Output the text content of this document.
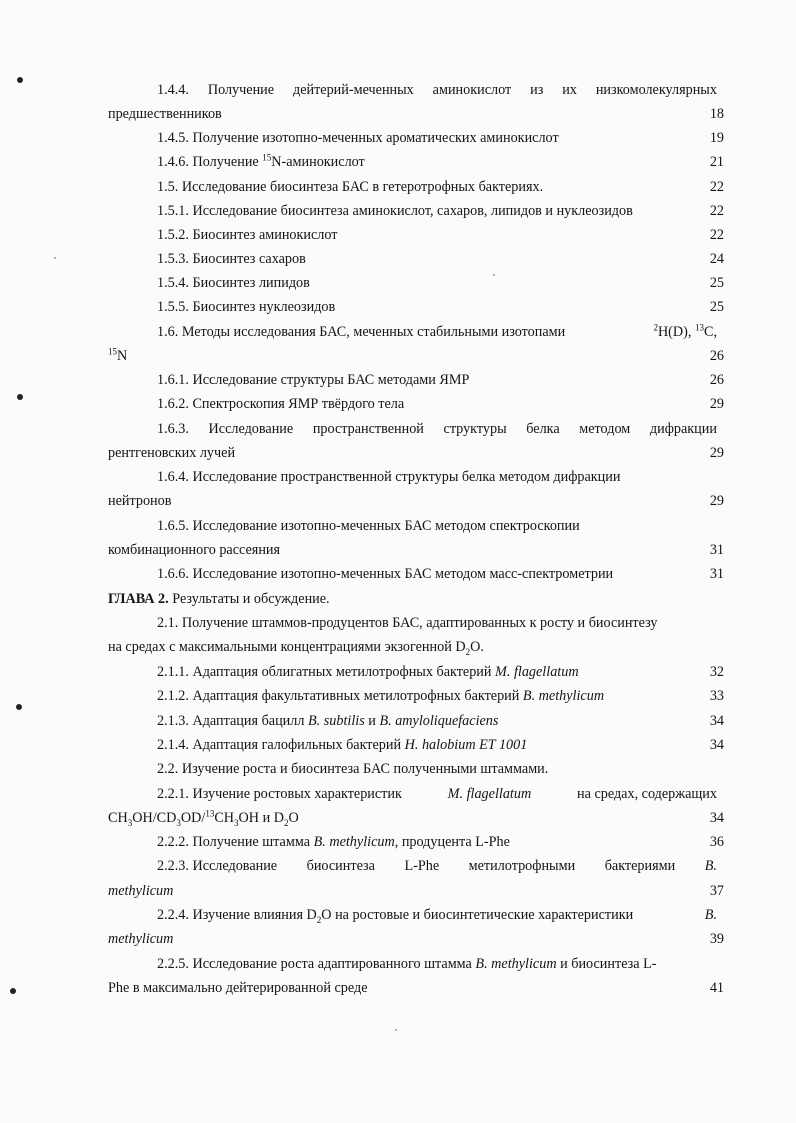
1.4.4. Получение дейтерий-меченных аминокислот из их низкомолекулярных
предшественников	18
1.4.5. Получение изотопно-меченных ароматических аминокислот	19
1.4.6. Получение $^{15}$N-аминокислот	21
1.5. Исследование биосинтеза БАС в гетеротрофных бактериях.	22
1.5.1. Исследование биосинтеза аминокислот, сахаров, липидов и нуклеозидов	22
1.5.2. Биосинтез аминокислот	22
1.5.3. Биосинтез сахаров	24
1.5.4. Биосинтез липидов	25
1.5.5. Биосинтез нуклеозидов	25
1.6. Методы исследования БАС, меченных стабильными изотопами	$^2$H(D), $^{13}$C,
$^{15}$N	26
1.6.1. Исследование структуры БАС методами ЯМР	26
1.6.2. Спектроскопия ЯМР твёрдого тела	29
1.6.3. Исследование пространственной структуры белка методом дифракции
рентгеновских лучей	29
1.6.4. Исследование пространственной структуры белка методом дифракции
нейтронов	29
1.6.5. Исследование изотопно-меченных БАС методом спектроскопии
комбинационного рассеяния	31
1.6.6. Исследование изотопно-меченных БАС методом масс-спектрометрии	31
ГЛАВА 2. Результаты и обсуждение.
2.1. Получение штаммов-продуцентов БАС, адаптированных к росту и биосинтезу
на средах с максимальными концентрациями экзогенной $D_2O$.
2.1.1. Адаптация облигатных метилотрофных бактерий M. flagellatum	32
2.1.2. Адаптация факультативных метилотрофных бактерий B. methylicum	33
2.1.3. Адаптация бацилл B. subtilis и B. amyloliquefaciens	34
2.1.4. Адаптация галофильных бактерий H. halobium ET 1001	34
2.2. Изучение роста и биосинтеза БАС полученными штаммами.
2.2.1. Изучение ростовых характеристик	M. flagellatum	на средах, содержащих
$CH_3OH/CD_3OD/^{13}CH_3OH$ и $D_2O$	34
2.2.2. Получение штамма B. methylicum, продуцента L-Phe	36
2.2.3. Исследование биосинтеза L-Phe метилотрофными бактериями B.
methylicum	37
2.2.4. Изучение влияния $D_2O$ на ростовые и биосинтетические характеристики	B.
methylicum	39
2.2.5. Исследование роста адаптированного штамма B. methylicum и биосинтеза L-
Phe в максимально дейтерированной среде	41
